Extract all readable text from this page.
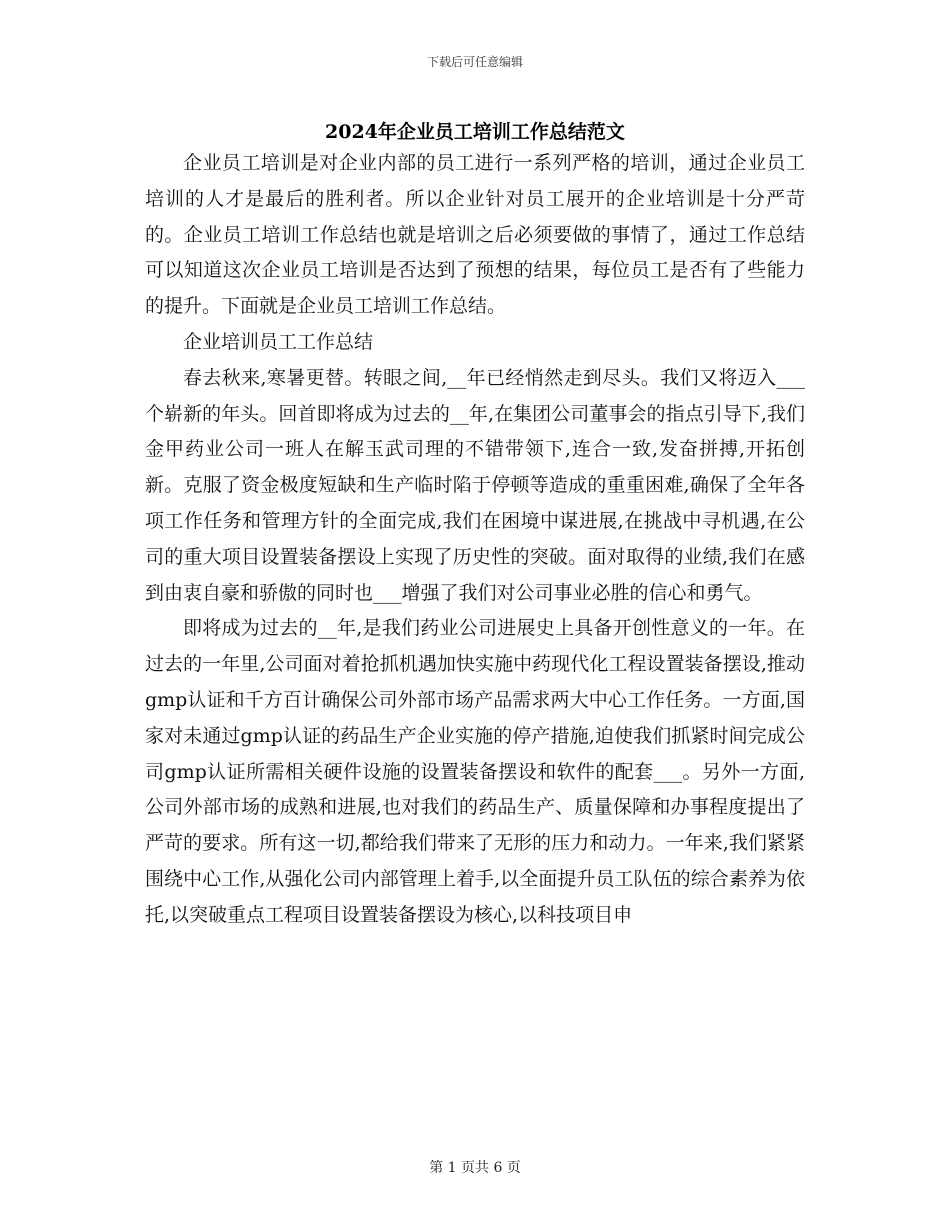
下载后可任意编辑
2024年企业员工培训工作总结范文

企业员工培训是对企业内部的员工进行一系列严格的培训，通过企业员工培训的人才是最后的胜利者。所以企业针对员工展开的企业培训是十分严苛的。企业员工培训工作总结也就是培训之后必须要做的事情了，通过工作总结可以知道这次企业员工培训是否达到了预想的结果，每位员工是否有了些能力的提升。下面就是企业员工培训工作总结。

企业培训员工工作总结

春去秋来,寒暑更替。转眼之间,__年已经悄然走到尽头。我们又将迈入___个崭新的年头。回首即将成为过去的__年,在集团公司董事会的指点引导下,我们金甲药业公司一班人在解玉武司理的不错带领下,连合一致,发奋拼搏,开拓创新。克服了资金极度短缺和生产临时陷于停顿等造成的重重困难,确保了全年各项工作任务和管理方针的全面完成,我们在困境中谋进展,在挑战中寻机遇,在公司的重大项目设置装备摆设上实现了历史性的突破。面对取得的业绩,我们在感到由衷自豪和骄傲的同时也___增强了我们对公司事业必胜的信心和勇气。

即将成为过去的__年,是我们药业公司进展史上具备开创性意义的一年。在过去的一年里,公司面对着抢抓机遇加快实施中药现代化工程设置装备摆设,推动gmp认证和千方百计确保公司外部市场产品需求两大中心工作任务。一方面,国家对未通过gmp认证的药品生产企业实施的停产措施,迫使我们抓紧时间完成公司gmp认证所需相关硬件设施的设置装备摆设和软件的配套___。另外一方面,公司外部市场的成熟和进展,也对我们的药品生产、质量保障和办事程度提出了严苛的要求。所有这一切,都给我们带来了无形的压力和动力。一年来,我们紧紧围绕中心工作,从强化公司内部管理上着手,以全面提升员工队伍的综合素养为依托,以突破重点工程项目设置装备摆设为核心,以科技项目申

第 1 页共 6 页
